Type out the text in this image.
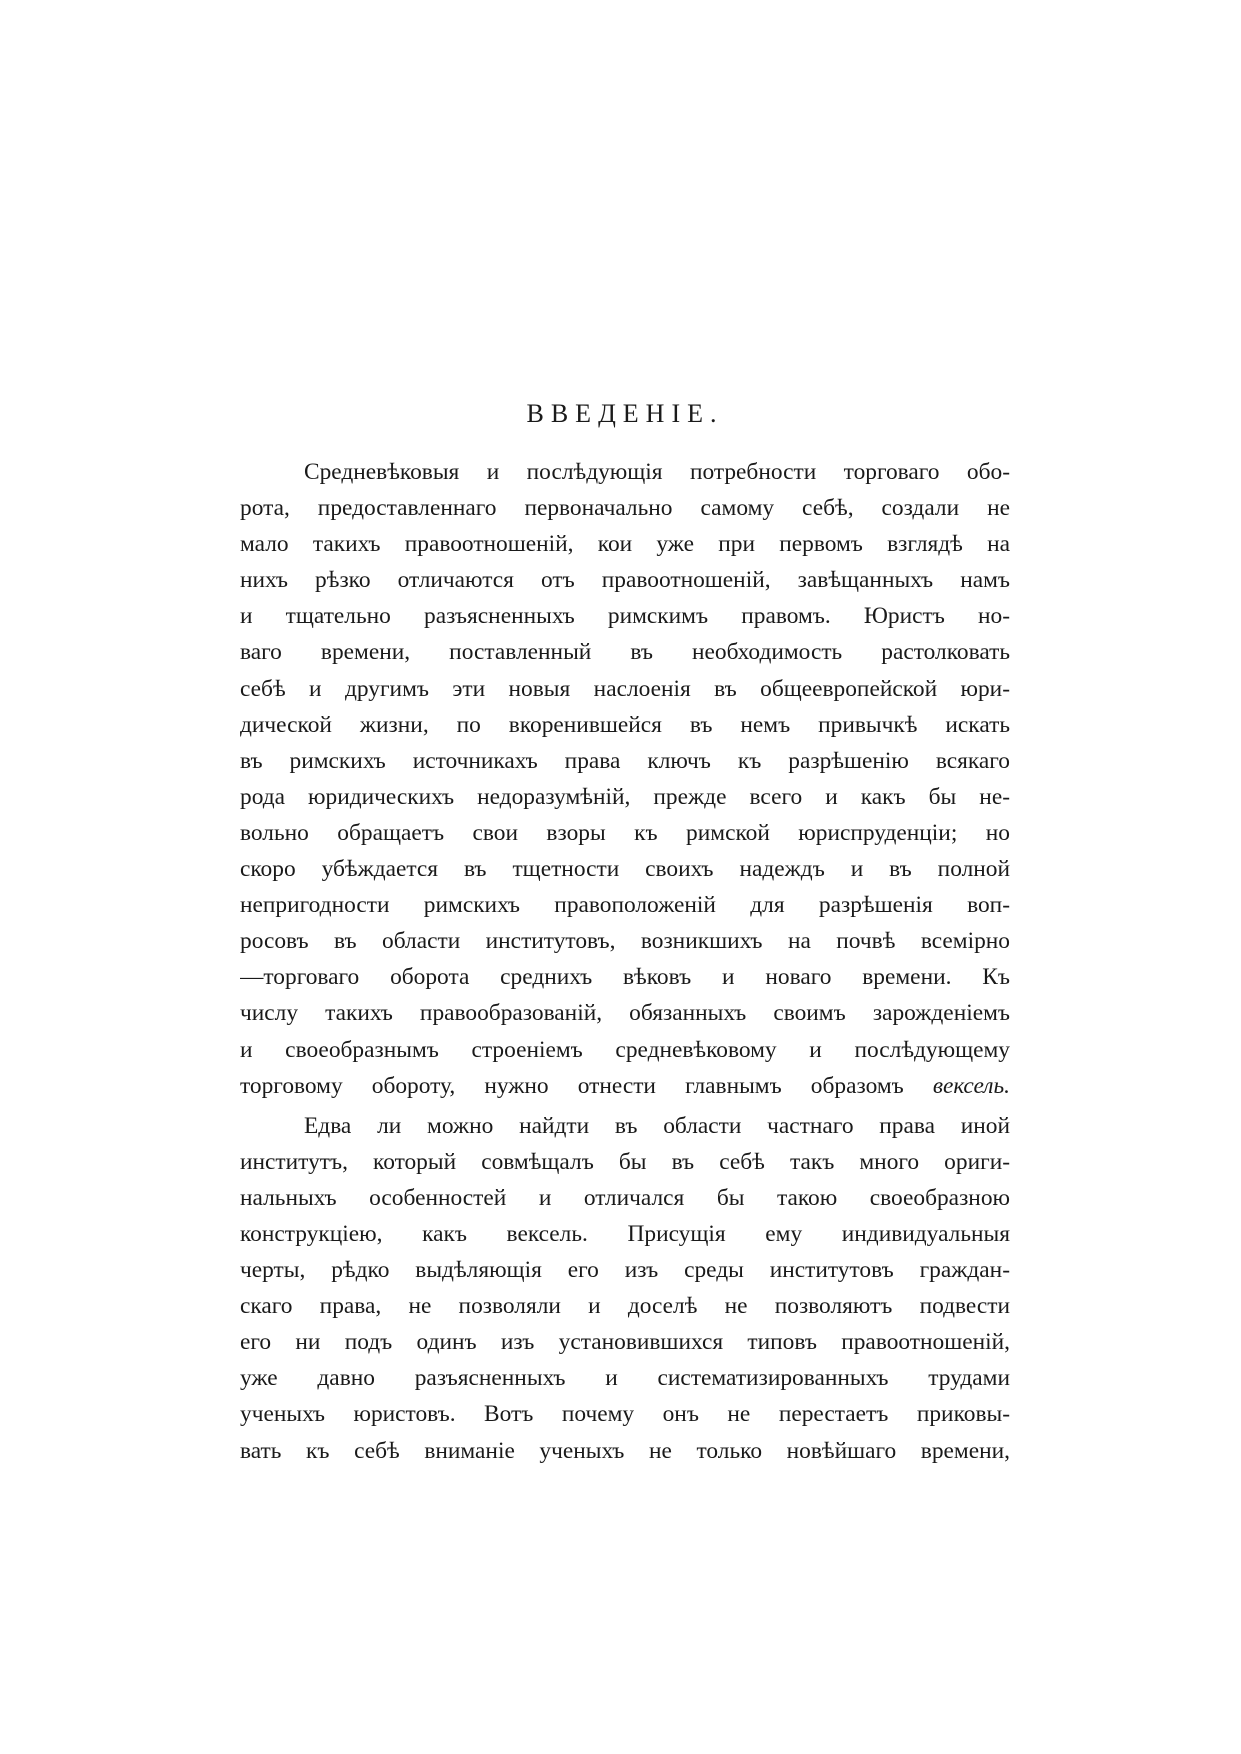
ВВЕДЕНІЕ.
Средневѣковыя и послѣдующія потребности торговаго обо-
рота, предоставленнаго первоначально самому себѣ, создали не
мало такихъ правоотношеній, кои уже при первомъ взглядѣ на
нихъ рѣзко отличаются отъ правоотношеній, завѣщанныхъ намъ
и тщательно разъясненныхъ римскимъ правомъ. Юристъ но-
ваго времени, поставленный въ необходимость растолковать
себѣ и другимъ эти новыя наслоенія въ общеевропейской юри-
дической жизни, по вкоренившейся въ немъ привычкѣ искать
въ римскихъ источникахъ права ключъ къ разрѣшенію всякаго
рода юридическихъ недоразумѣній, прежде всего и какъ бы не-
вольно обращаетъ свои взоры къ римской юриспруденціи; но
скоро убѣждается въ тщетности своихъ надеждъ и въ полной
непригодности римскихъ правоположеній для разрѣшенія воп-
росовъ въ области институтовъ, возникшихъ на почвѣ всемірно
—торговаго оборота среднихъ вѣковъ и новаго времени. Къ
числу такихъ правообразованій, обязанныхъ своимъ зарожденіемъ
и своеобразнымъ строеніемъ средневѣковому и послѣдующему
торговому обороту, нужно отнести главнымъ образомъ вексель.
Едва ли можно найдти въ области частнаго права иной
институтъ, который совмѣщалъ бы въ себѣ такъ много ориги-
нальныхъ особенностей и отличался бы такою своеобразною
конструкціею, какъ вексель. Присущія ему индивидуальныя
черты, рѣдко выдѣляющія его изъ среды институтовъ граждан-
скаго права, не позволяли и доселѣ не позволяютъ подвести
его ни подъ одинъ изъ установившихся типовъ правоотношеній,
уже давно разъясненныхъ и систематизированныхъ трудами
ученыхъ юристовъ. Вотъ почему онъ не перестаетъ приковы-
вать къ себѣ вниманіе ученыхъ не только новѣйшаго времени,
